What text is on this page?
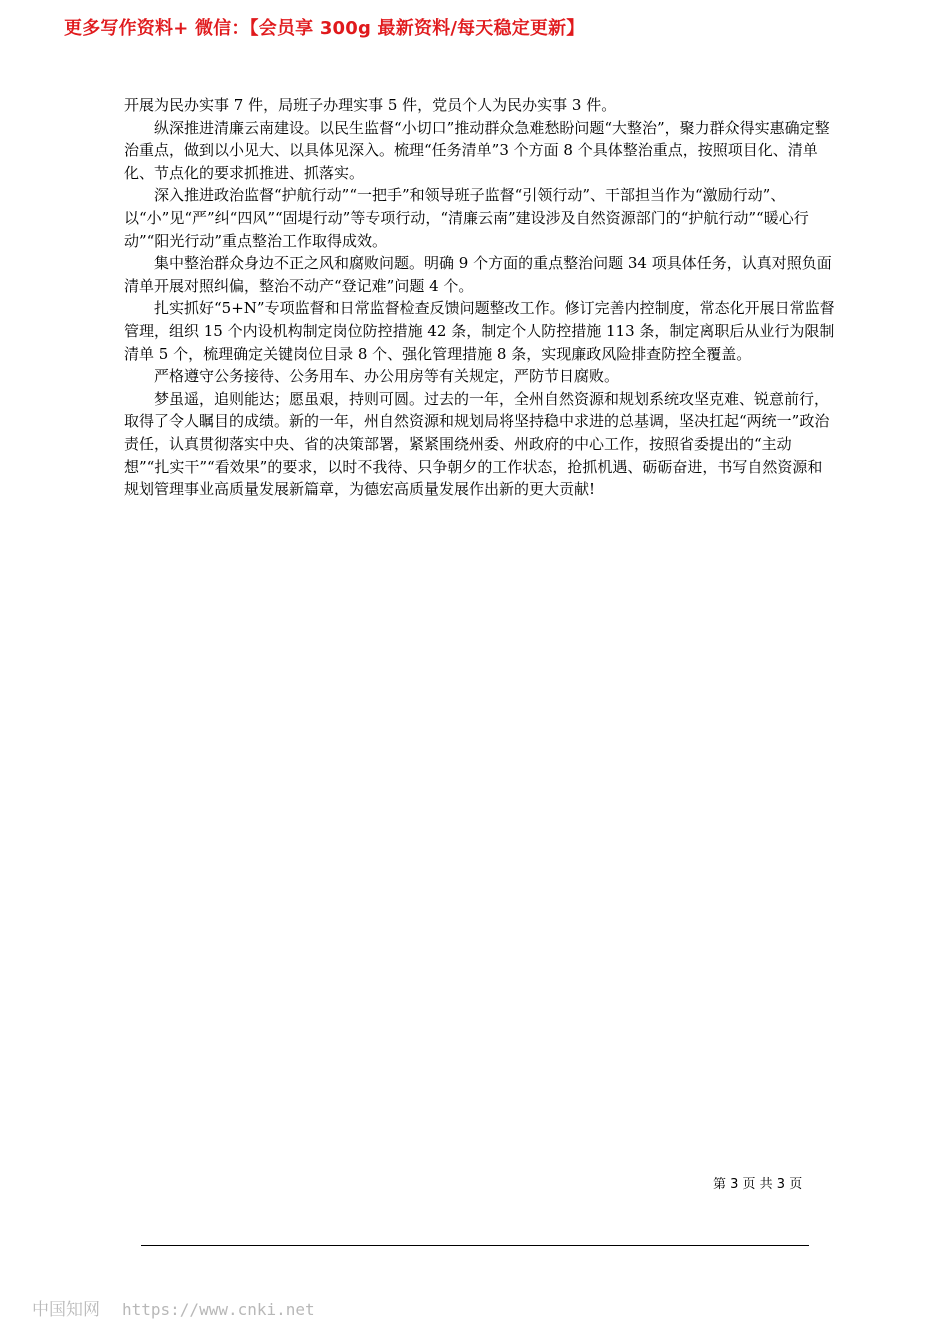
更多写作资料+ 微信：【会员享 300g 最新资料/每天稳定更新】

开展为民办实事 7 件，局班子办理实事 5 件，党员个人为民办实事 3 件。

纵深推进清廉云南建设。以民生监督“小切口”推动群众急难愁盼问题“大整治”，聚力群众得实惠确定整治重点，做到以小见大、以具体见深入。梳理“任务清单”3 个方面 8 个具体整治重点，按照项目化、清单化、节点化的要求抓推进、抓落实。

深入推进政治监督“护航行动”“一把手”和领导班子监督“引领行动”、干部担当作为“激励行动”、以“小”见“严”纠“四风”“固堤行动”等专项行动，“清廉云南”建设涉及自然资源部门的“护航行动”“暖心行动”“阳光行动”重点整治工作取得成效。

集中整治群众身边不正之风和腐败问题。明确 9 个方面的重点整治问题 34 项具体任务，认真对照负面清单开展对照纠偏，整治不动产“登记难”问题 4 个。

扎实抓好“5+N”专项监督和日常监督检查反馈问题整改工作。修订完善内控制度，常态化开展日常监督管理，组织 15 个内设机构制定岗位防控措施 42 条，制定个人防控措施 113 条，制定离职后从业行为限制清单 5 个，梳理确定关键岗位目录 8 个、强化管理措施 8 条，实现廉政风险排查防控全覆盖。

严格遵守公务接待、公务用车、办公用房等有关规定，严防节日腐败。

梦虽遥，追则能达；愿虽艰，持则可圆。过去的一年，全州自然资源和规划系统攻坚克难、锐意前行，取得了令人瞩目的成绩。新的一年，州自然资源和规划局将坚持稳中求进的总基调，坚决扛起“两统一”政治责任，认真贯彻落实中央、省的决策部署，紧紧围绕州委、州政府的中心工作，按照省委提出的“主动想”“扎实干”“看效果”的要求，以时不我待、只争朝夕的工作状态，抢抓机遇、砺砺奋进，书写自然资源和规划管理事业高质量发展新篇章，为德宏高质量发展作出新的更大贡献!

第 3 页 共 3 页
中国知网 https://www.cnki.net
